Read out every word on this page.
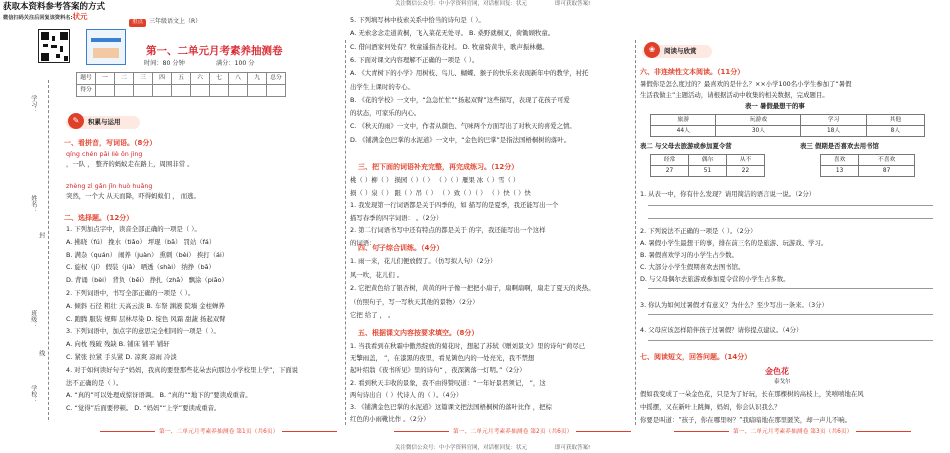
获取本资料参考答案的方式	关注微信公众号：中小学资料官网，对话框回复：状元	即可获取答案!
微信扫码关注后回复该资料名:状元
学习：
姓名：
封
班级：
学校：
线
重点 三年级语文上（R）
第一、二单元月考素养抽测卷
时间：80 分钟	满分：100 分
题号	一	二	三	四	五	六	七	八	九	总分
得分										
✎	积累与运用
一、看拼音，写词语。（8分）
qíng chén pāi liè ōn jìng
，一队 ， 整齐的蚂蚁走在路上，周围非常 。
zhèng zì gǎn jǐn huò huǎng
突然，一个大 从天而降，吓得蚂蚁们 ， 而逃。
二、选择题。（12分）
1. 下列加点字中，读音全部正确的一项是（ ）。
A. 拂晓（fú） 挽水（tiǎo） 坪琨（bā） 罚站（fá）
B. 满杂（quán） 闹养（juàn） 熏刺（bèi） 挨打（ái）
C. 旋权（jí） 假装（jiǎ） 晒透（shài） 纳挣（bā）
D. 背诵（bèi） 背负（bēi） 挣扎（zhā） 飘涂（piāo）
2. 下列词语中，书写全部正确的一项是（ ）。
A. 倾斜 石径 粗壮 天高云淡 B. 车祭 渊液 院墙 金柱蝉养
C. 跑腾 服装 规辉 层林尽染 D. 绽色 风霜 甜蔬 扬起双臂
3. 下列词语中，加点字的意思完全相同的一项是（ ）。
A. 向枕 残破 残缺 B. 铺床 铺平 铺轩
C. 紧张 拉紧 手头紧 D. 凉爽 凉雨 冷淡
4. 对于如何读好句子“妈妈，我真的要登那些花朵去向那边小学校里上学”，下面说
法不正确的是（ ）。
A. “真的”可以处理成惊讶语调。 B. “真的”“地下的”要读成重音。
C. “觉得”后面要停顿。 D. “妈妈”“上学”要读成重音。
第一、二单元月考素养抽测卷 第1页（共6页）
5. 下列填写林中枝索关系中恰当的诗句是（ ）。
A. 无索念念走道黄桐，飞入菜花无处寻。 B. 桑野就桐叉，荷锄顾牧童。
C. 借问酒家何处有？牧童遥指杏花村。 D. 牧童骑黄牛，歌声振林樾。
6. 下面对课文内容理解不正确的一项是（ ）。
A. 《大青树下的小学》用树枝、鸟儿、蝴蝶、猴子的快乐来表现新年中的教学，衬托
出学生上课时的专心。
B. 《花的学校》一文中，“急急忙忙”“扬起双臂”这些描写，表现了花孩子可爱
的状态，可家乐的内心。
C. 《秋天的雨》一文中，作者从颜色、气味两个方面写出了对秋天的喜爱之情。
D. 《铺满金色巴掌的水泥道》一文中，“金色的巴掌”是指法国梧桐树的落叶。
三、把下面的词语补充完整，再完成练习。（12分）
桃（ ）柳（ ） 损园（ ）（ ） （ ）（ ）雁果 冰（ ）雪（ ）
损（ ）泉（ ） 跟（ ）吊（ ） （ ）致（ ）（ ） （ ）快（ ）快
1. 我发现第一行词语都是关于四季的，如 描写的是夏季，我还能写出一个
描写春季的四字词语： 。（2分）
2. 第二行词语书写中还有特点的都是关于 的字，我还能写出一个这样
的词语： 。
四、句子综合训练。（4分）
1. 雨一来，花儿们便放假了。（仿写拟人句）（2分）
风一吹，花儿们 。
2. 它把黄色给了银杏树，黄黄的叶子像一把把小扇子，扇啊扇啊，扇走了夏天的炎热。
（仿照句子，写一写秋天其他的景物）（2分）
它把 给了 ， 。
五、根据课文内容按要求填空。（8分）
1. 当我看到在秋霜中傲然绽放的菊花时，想起了苏轼《赠刘景文》里的诗句“荷尽已
无擎雨盖， ”，在漆黑的夜里，看见篱色内的一处亮光，我不禁想
起叶绍翁《夜书所见》里的诗句“ ，夜深篱落一灯明。”（2分）
2. 看到秋天丰收的景象，我不由得赞叹道：“一年好景君须记， ”，这
两句诗出自（ ）代诗人 的（ ）。（4分）
3. 《铺满金色巴掌的水泥道》这篇课文把法国梧桐树的落叶比作 ，把棕
红色的小雨靴比作 。（2分）
第一、二单元月考素养抽测卷 第2页（共6页）
❀	阅读与欣赏
六、非连续性文本阅读。（11分）
暑假你是怎么度过的？最喜欢的是什么？××小学100名小学生参加了“暑假
生活我做主”主题活动，请根据活动中收集的相关数据，完成题目。
表一 暑假最想干的事
旅游	玩游戏	学习	其他
44人	30人	18人	8人
表二 与父母去旅游或参加夏令营	表三 假期是否喜欢去用书馆
经常	偶尔	从不
27	51	22
喜欢	不喜欢
13	87
1. 从表一中，你有什么发现？请用简洁的语言说一说。（2分）
2. 下列说法不正确的一项是（ ）。（2分）
A. 暑假小学生最想干的事，排在前三名的是旅游、玩游戏、学习。
B. 暑假喜欢学习的小学生占少数。
C. 大部分小学生假期喜欢去图书馆。
D. 与父母偶尔去旅游或参加夏令营的小学生占多数。
3. 你认为如何过暑假才有意义？为什么？至少写出一条来。（3分）
4. 父母应该怎样陪伴孩子过暑假？请你提点建议。（4分）
七、阅读短文，回答问题。（14分）
金色花
泰戈尔
假如我变成了一朵金色花，只是为了好玩，长在那棵树的高枝上，笑嘻嘻地在风
中摇摆，又在新叶上跳舞，妈妈，你会认识我么？
你要是叫道：“孩子，你在哪里呀？”我暗暗地在那里匿笑，却一声儿不响。
第一、二单元月考素养抽测卷 第3页（共6页）
关注微信公众号：中小学资料官网，对话框回复：状元	即可获取答案!
